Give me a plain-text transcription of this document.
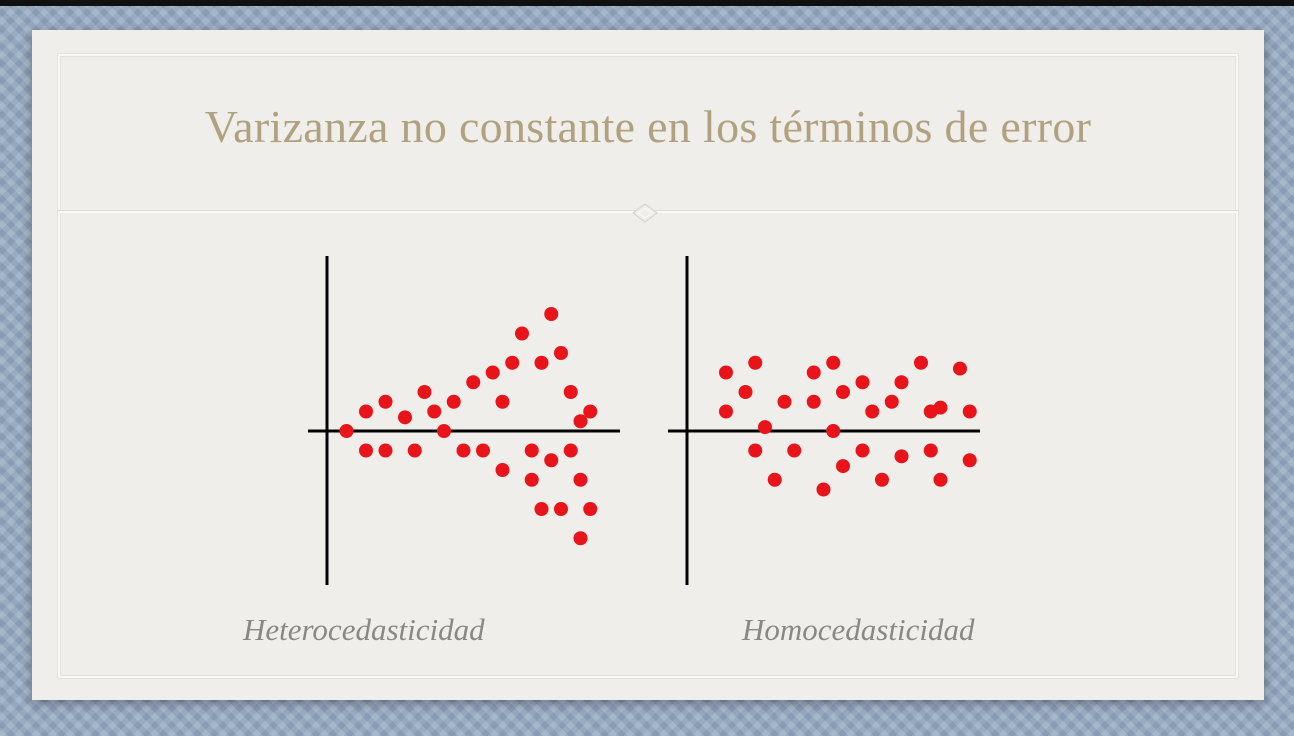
Varizanza no constante en los términos de error
Heterocedasticidad	Homocedasticidad
